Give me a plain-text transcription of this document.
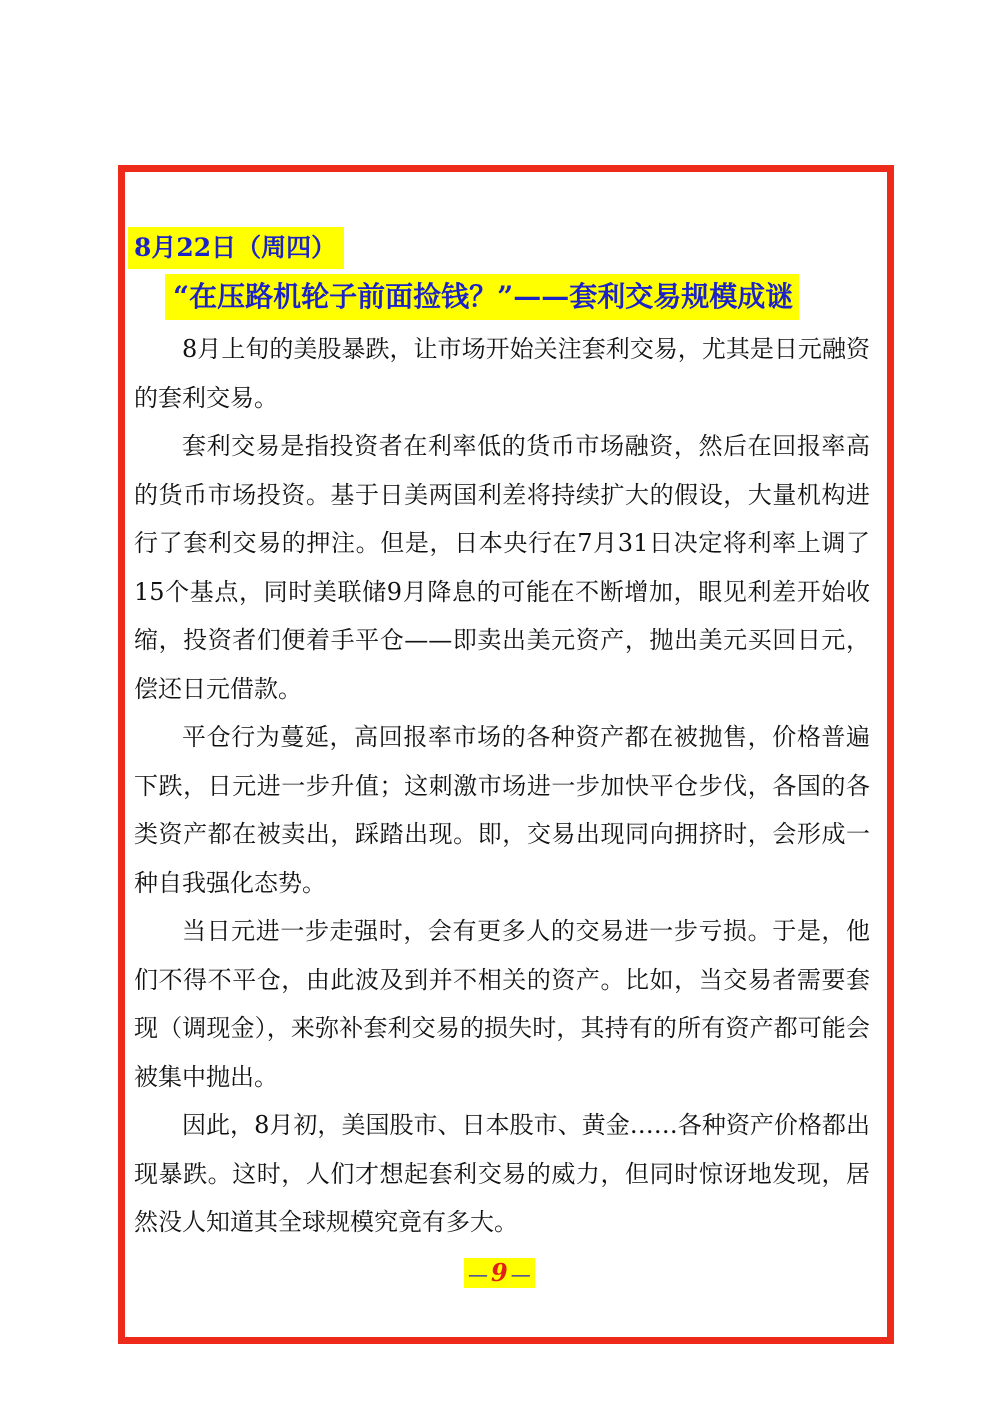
8月22日（周四）
“在压路机轮子前面捡钱？”——套利交易规模成谜

8月上旬的美股暴跌，让市场开始关注套利交易，尤其是日元融资的套利交易。

套利交易是指投资者在利率低的货币市场融资，然后在回报率高的货币市场投资。基于日美两国利差将持续扩大的假设，大量机构进行了套利交易的押注。但是，日本央行在7月31日决定将利率上调了15个基点，同时美联储9月降息的可能在不断增加，眼见利差开始收缩，投资者们便着手平仓——即卖出美元资产，抛出美元买回日元，偿还日元借款。

平仓行为蔓延，高回报率市场的各种资产都在被抛售，价格普遍下跌，日元进一步升值；这刺激市场进一步加快平仓步伐，各国的各类资产都在被卖出，踩踏出现。即，交易出现同向拥挤时，会形成一种自我强化态势。

当日元进一步走强时，会有更多人的交易进一步亏损。于是，他们不得不平仓，由此波及到并不相关的资产。比如，当交易者需要套现（调现金），来弥补套利交易的损失时，其持有的所有资产都可能会被集中抛出。

因此，8月初，美国股市、日本股市、黄金……各种资产价格都出现暴跌。这时，人们才想起套利交易的威力，但同时惊讶地发现，居然没人知道其全球规模究竟有多大。

— 9 —
